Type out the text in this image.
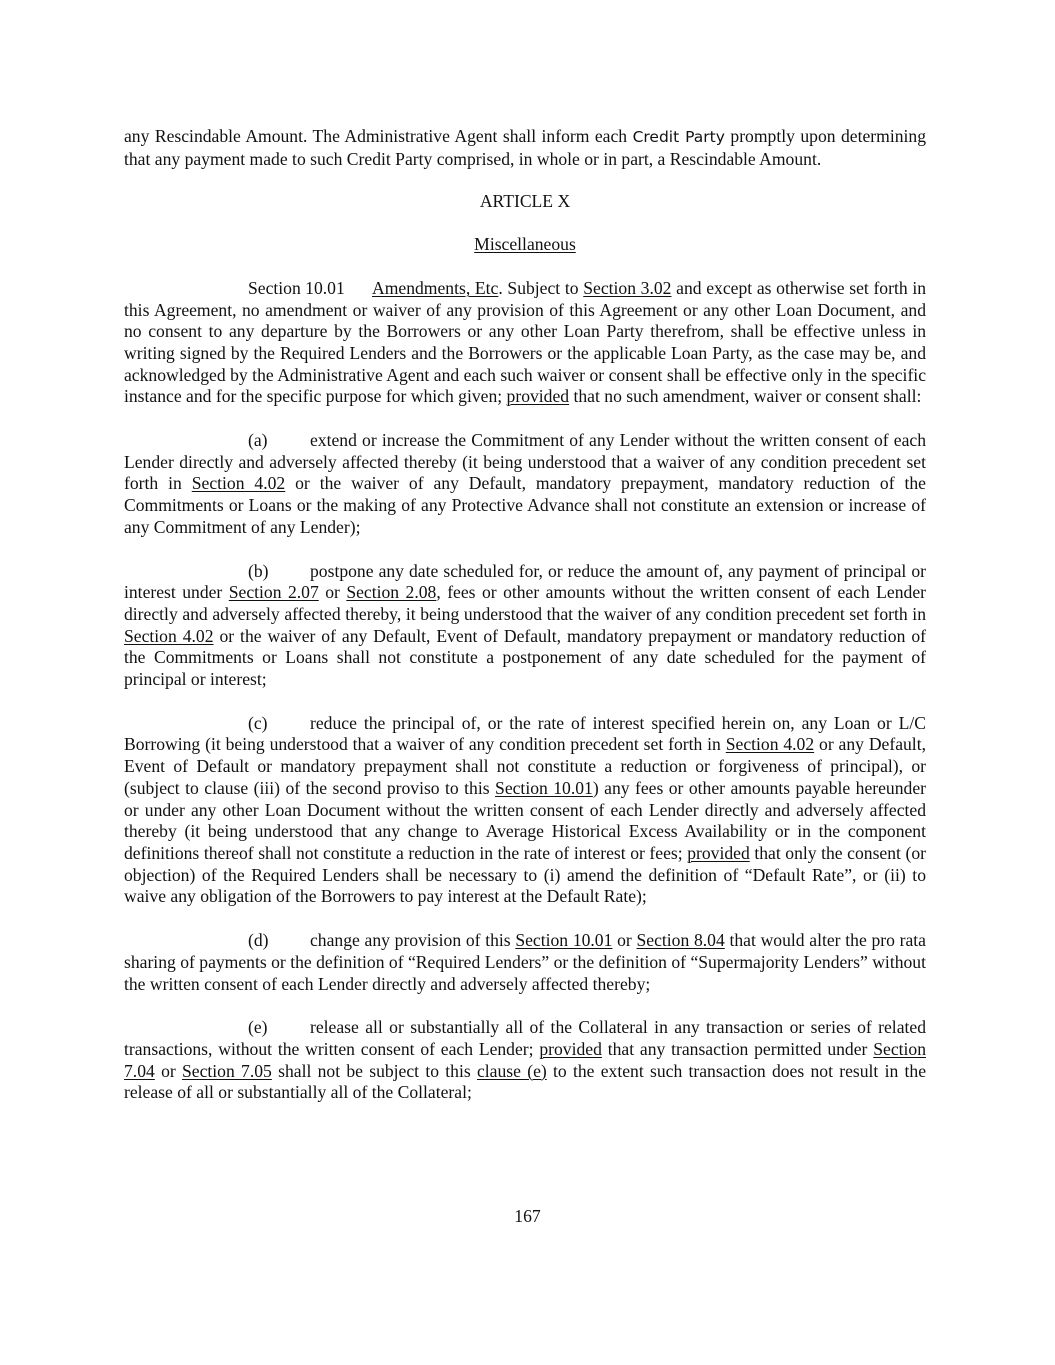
any Rescindable Amount. The Administrative Agent shall inform each Credit Party promptly upon determining that any payment made to such Credit Party comprised, in whole or in part, a Rescindable Amount.

ARTICLE X

Miscellaneous

Section 10.01 Amendments, Etc. Subject to Section 3.02 and except as otherwise set forth in this Agreement, no amendment or waiver of any provision of this Agreement or any other Loan Document, and no consent to any departure by the Borrowers or any other Loan Party therefrom, shall be effective unless in writing signed by the Required Lenders and the Borrowers or the applicable Loan Party, as the case may be, and acknowledged by the Administrative Agent and each such waiver or consent shall be effective only in the specific instance and for the specific purpose for which given; provided that no such amendment, waiver or consent shall:

(a) extend or increase the Commitment of any Lender without the written consent of each Lender directly and adversely affected thereby (it being understood that a waiver of any condition precedent set forth in Section 4.02 or the waiver of any Default, mandatory prepayment, mandatory reduction of the Commitments or Loans or the making of any Protective Advance shall not constitute an extension or increase of any Commitment of any Lender);

(b) postpone any date scheduled for, or reduce the amount of, any payment of principal or interest under Section 2.07 or Section 2.08, fees or other amounts without the written consent of each Lender directly and adversely affected thereby, it being understood that the waiver of any condition precedent set forth in Section 4.02 or the waiver of any Default, Event of Default, mandatory prepayment or mandatory reduction of the Commitments or Loans shall not constitute a postponement of any date scheduled for the payment of principal or interest;

(c) reduce the principal of, or the rate of interest specified herein on, any Loan or L/C Borrowing (it being understood that a waiver of any condition precedent set forth in Section 4.02 or any Default, Event of Default or mandatory prepayment shall not constitute a reduction or forgiveness of principal), or (subject to clause (iii) of the second proviso to this Section 10.01) any fees or other amounts payable hereunder or under any other Loan Document without the written consent of each Lender directly and adversely affected thereby (it being understood that any change to Average Historical Excess Availability or in the component definitions thereof shall not constitute a reduction in the rate of interest or fees; provided that only the consent (or objection) of the Required Lenders shall be necessary to (i) amend the definition of “Default Rate”, or (ii) to waive any obligation of the Borrowers to pay interest at the Default Rate);

(d) change any provision of this Section 10.01 or Section 8.04 that would alter the pro rata sharing of payments or the definition of “Required Lenders” or the definition of “Supermajority Lenders” without the written consent of each Lender directly and adversely affected thereby;

(e) release all or substantially all of the Collateral in any transaction or series of related transactions, without the written consent of each Lender; provided that any transaction permitted under Section 7.04 or Section 7.05 shall not be subject to this clause (e) to the extent such transaction does not result in the release of all or substantially all of the Collateral;

167
